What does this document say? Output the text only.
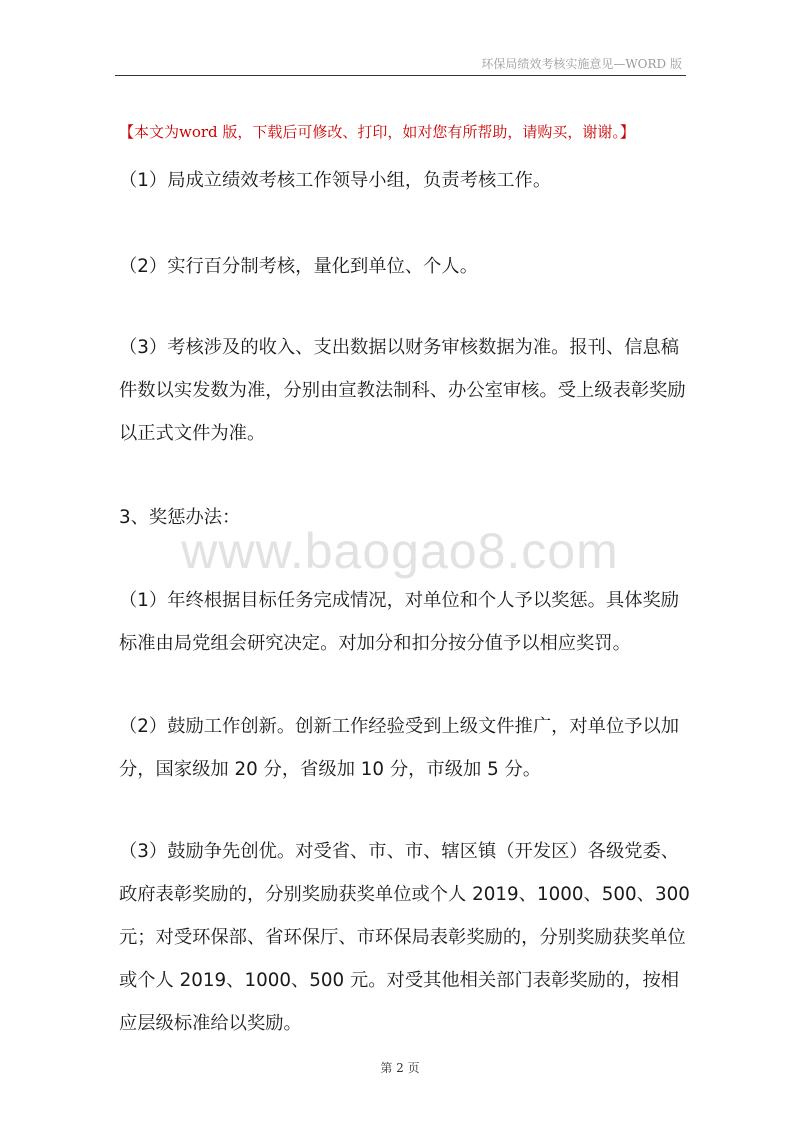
环保局绩效考核实施意见—WORD 版
【本文为word 版，下载后可修改、打印，如对您有所帮助，请购买，谢谢。】
（1）局成立绩效考核工作领导小组，负责考核工作。
（2）实行百分制考核，量化到单位、个人。
（3）考核涉及的收入、支出数据以财务审核数据为准。报刊、信息稿件数以实发数为准，分别由宣教法制科、办公室审核。受上级表彰奖励以正式文件为准。
3、奖惩办法：
www.baogao8.com
（1）年终根据目标任务完成情况，对单位和个人予以奖惩。具体奖励标准由局党组会研究决定。对加分和扣分按分值予以相应奖罚。
（2）鼓励工作创新。创新工作经验受到上级文件推广，对单位予以加分，国家级加 20 分，省级加 10 分，市级加 5 分。
（3）鼓励争先创优。对受省、市、市、辖区镇（开发区）各级党委、政府表彰奖励的，分别奖励获奖单位或个人 2019、1000、500、300 元；对受环保部、省环保厅、市环保局表彰奖励的，分别奖励获奖单位或个人 2019、1000、500 元。对受其他相关部门表彰奖励的，按相应层级标准给以奖励。
第 2 页
